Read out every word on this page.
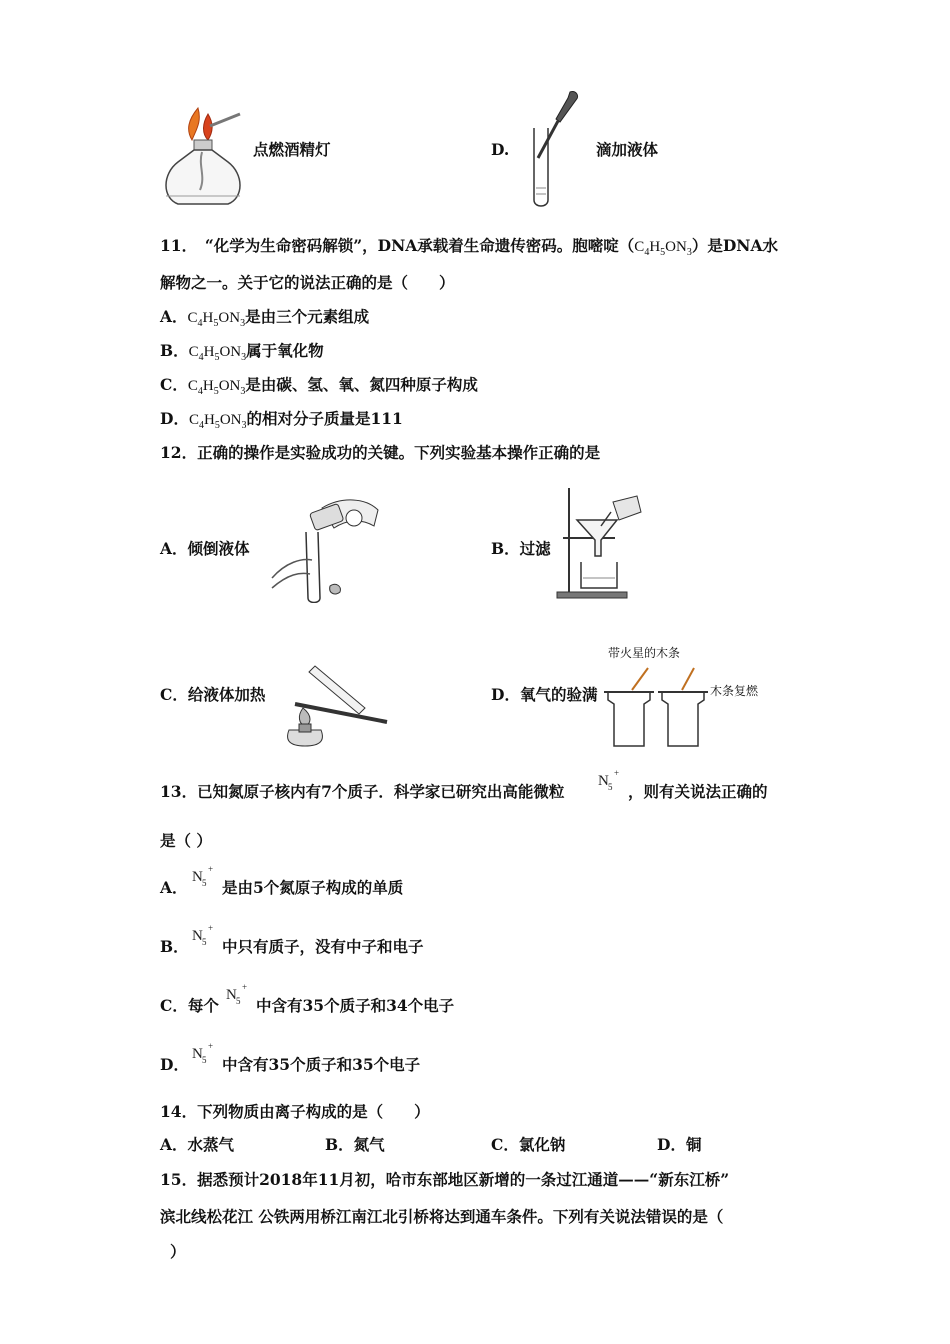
点燃酒精灯	D.	滴加液体
11．　“化学为生命密码解锁”，DNA承载着生命遗传密码。胞嘧啶$(C_4H_5ON_3)$是DNA水
解物之一。关于它的说法正确的是（　　）
A．$C_4H_5ON_3$是由三个元素组成
B．$C_4H_5ON_3$属于氧化物
C．$C_4H_5ON_3$是由碳、氢、氧、氮四种原子构成
D．$C_4H_5ON_3$的相对分子质量是111
12．正确的操作是实验成功的关键。下列实验基本操作正确的是
A．倾倒液体	B．过滤
C．给液体加热	D．氧气的验满
带火星的木条
木条复燃
13．已知氮原子核内有7个质子．科学家已研究出高能微粒
N 5
+
，则有关说法正确的
是（ ）
A．
N 5
+
是由5个氮原子构成的单质
B．
N 5
+
中只有质子，没有中子和电子
C．每个
N 5
+
中含有35个质子和34个电子
D．
N 5
+
中含有35个质子和35个电子
14．下列物质由离子构成的是（　　）
A．水蒸气	B．氮气	C．氯化钠	D．铜
15．据悉预计2018年11月初，哈市东部地区新增的一条过江通道——“新东江桥”
滨北线松花江 公铁两用桥江南江北引桥将达到通车条件。下列有关说法错误的是（
）
